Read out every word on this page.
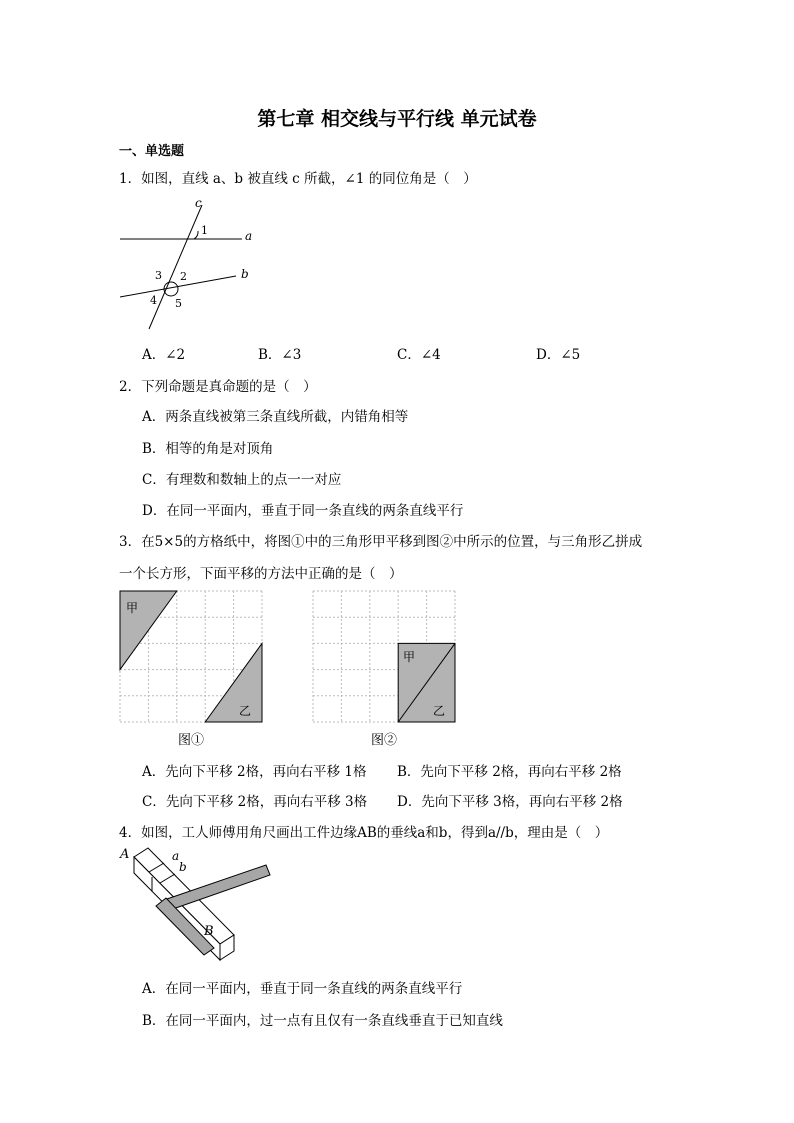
第七章 相交线与平行线 单元试卷
一、单选题
1．如图，直线 a、b 被直线 c 所截，∠1 的同位角是（　）
c
a
b
1
2
3
4 5
A．∠2	B．∠3	C．∠4	D．∠5
2．下列命题是真命题的是（　）
A．两条直线被第三条直线所截，内错角相等
B．相等的角是对顶角
C．有理数和数轴上的点一一对应
D．在同一平面内，垂直于同一条直线的两条直线平行
3．在5×5的方格纸中，将图①中的三角形甲平移到图②中所示的位置，与三角形乙拼成
一个长方形，下面平移的方法中正确的是（　）
甲
乙
图①
甲
乙
图②
A．先向下平移 2格，再向右平移 1格 B．先向下平移 2格，再向右平移 2格
C．先向下平移 2格，再向右平移 3格 D．先向下平移 3格，再向右平移 2格
4．如图，工人师傅用角尺画出工件边缘AB的垂线a和b，得到a//b，理由是（　）
A	a
b
B
A．在同一平面内，垂直于同一条直线的两条直线平行
B．在同一平面内，过一点有且仅有一条直线垂直于已知直线
